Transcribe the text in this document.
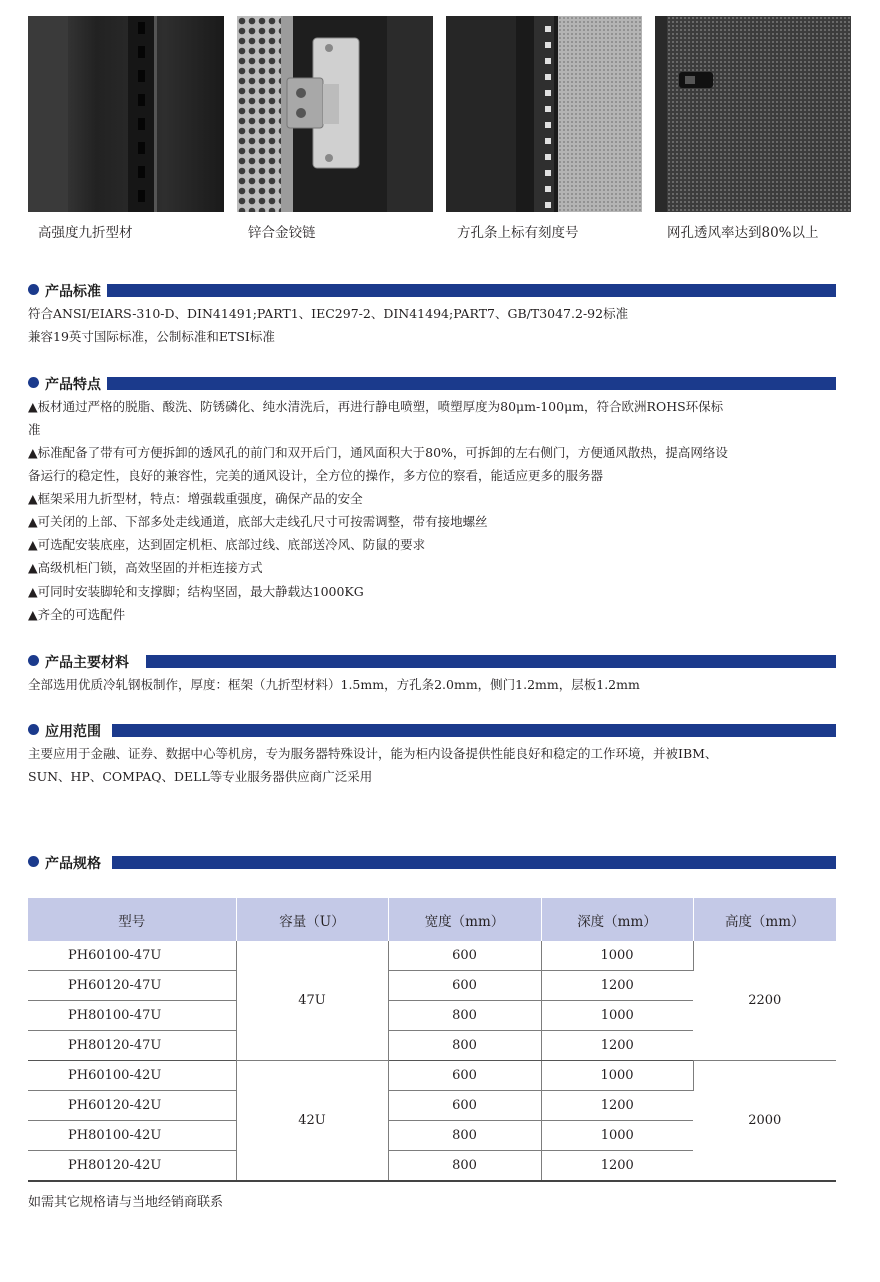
高强度九折型材	锌合金铰链	方孔条上标有刻度号	网孔透风率达到80%以上
产品标准
符合ANSI/EIARS-310-D、DIN41491;PART1、IEC297-2、DIN41494;PART7、GB/T3047.2-92标准
兼容19英寸国际标准，公制标准和ETSI标准
产品特点
▲板材通过严格的脱脂、酸洗、防锈磷化、纯水清洗后，再进行静电喷塑，喷塑厚度为80μm-100μm，符合欧洲ROHS环保标
准
▲标准配备了带有可方便拆卸的透风孔的前门和双开后门，通风面积大于80%，可拆卸的左右侧门，方便通风散热，提高网络设
备运行的稳定性，良好的兼容性，完美的通风设计，全方位的操作，多方位的察看，能适应更多的服务器
▲框架采用九折型材，特点：增强载重强度，确保产品的安全
▲可关闭的上部、下部多处走线通道，底部大走线孔尺寸可按需调整，带有接地螺丝
▲可选配安装底座，达到固定机柜、底部过线、底部送冷风、防鼠的要求
▲高级机柜门锁，高效坚固的并柜连接方式
▲可同时安装脚轮和支撑脚；结构坚固，最大静载达1000KG
▲齐全的可选配件
产品主要材料
全部选用优质冷轧钢板制作，厚度：框架（九折型材料）1.5mm，方孔条2.0mm，侧门1.2mm，层板1.2mm
应用范围
主要应用于金融、证券、数据中心等机房，专为服务器特殊设计，能为柜内设备提供性能良好和稳定的工作环境，并被IBM、
SUN、HP、COMPAQ、DELL等专业服务器供应商广泛采用
产品规格
型号	容量（U）	宽度（mm）	深度（mm）	高度（mm）
PH60100-47U	47U	600	1000	2200
PH60120-47U		600	1200	
PH80100-47U		800	1000	
PH80120-47U		800	1200	
PH60100-42U	42U	600	1000	2000
PH60120-42U		600	1200	
PH80100-42U		800	1000	
PH80120-42U		800	1200	
如需其它规格请与当地经销商联系
